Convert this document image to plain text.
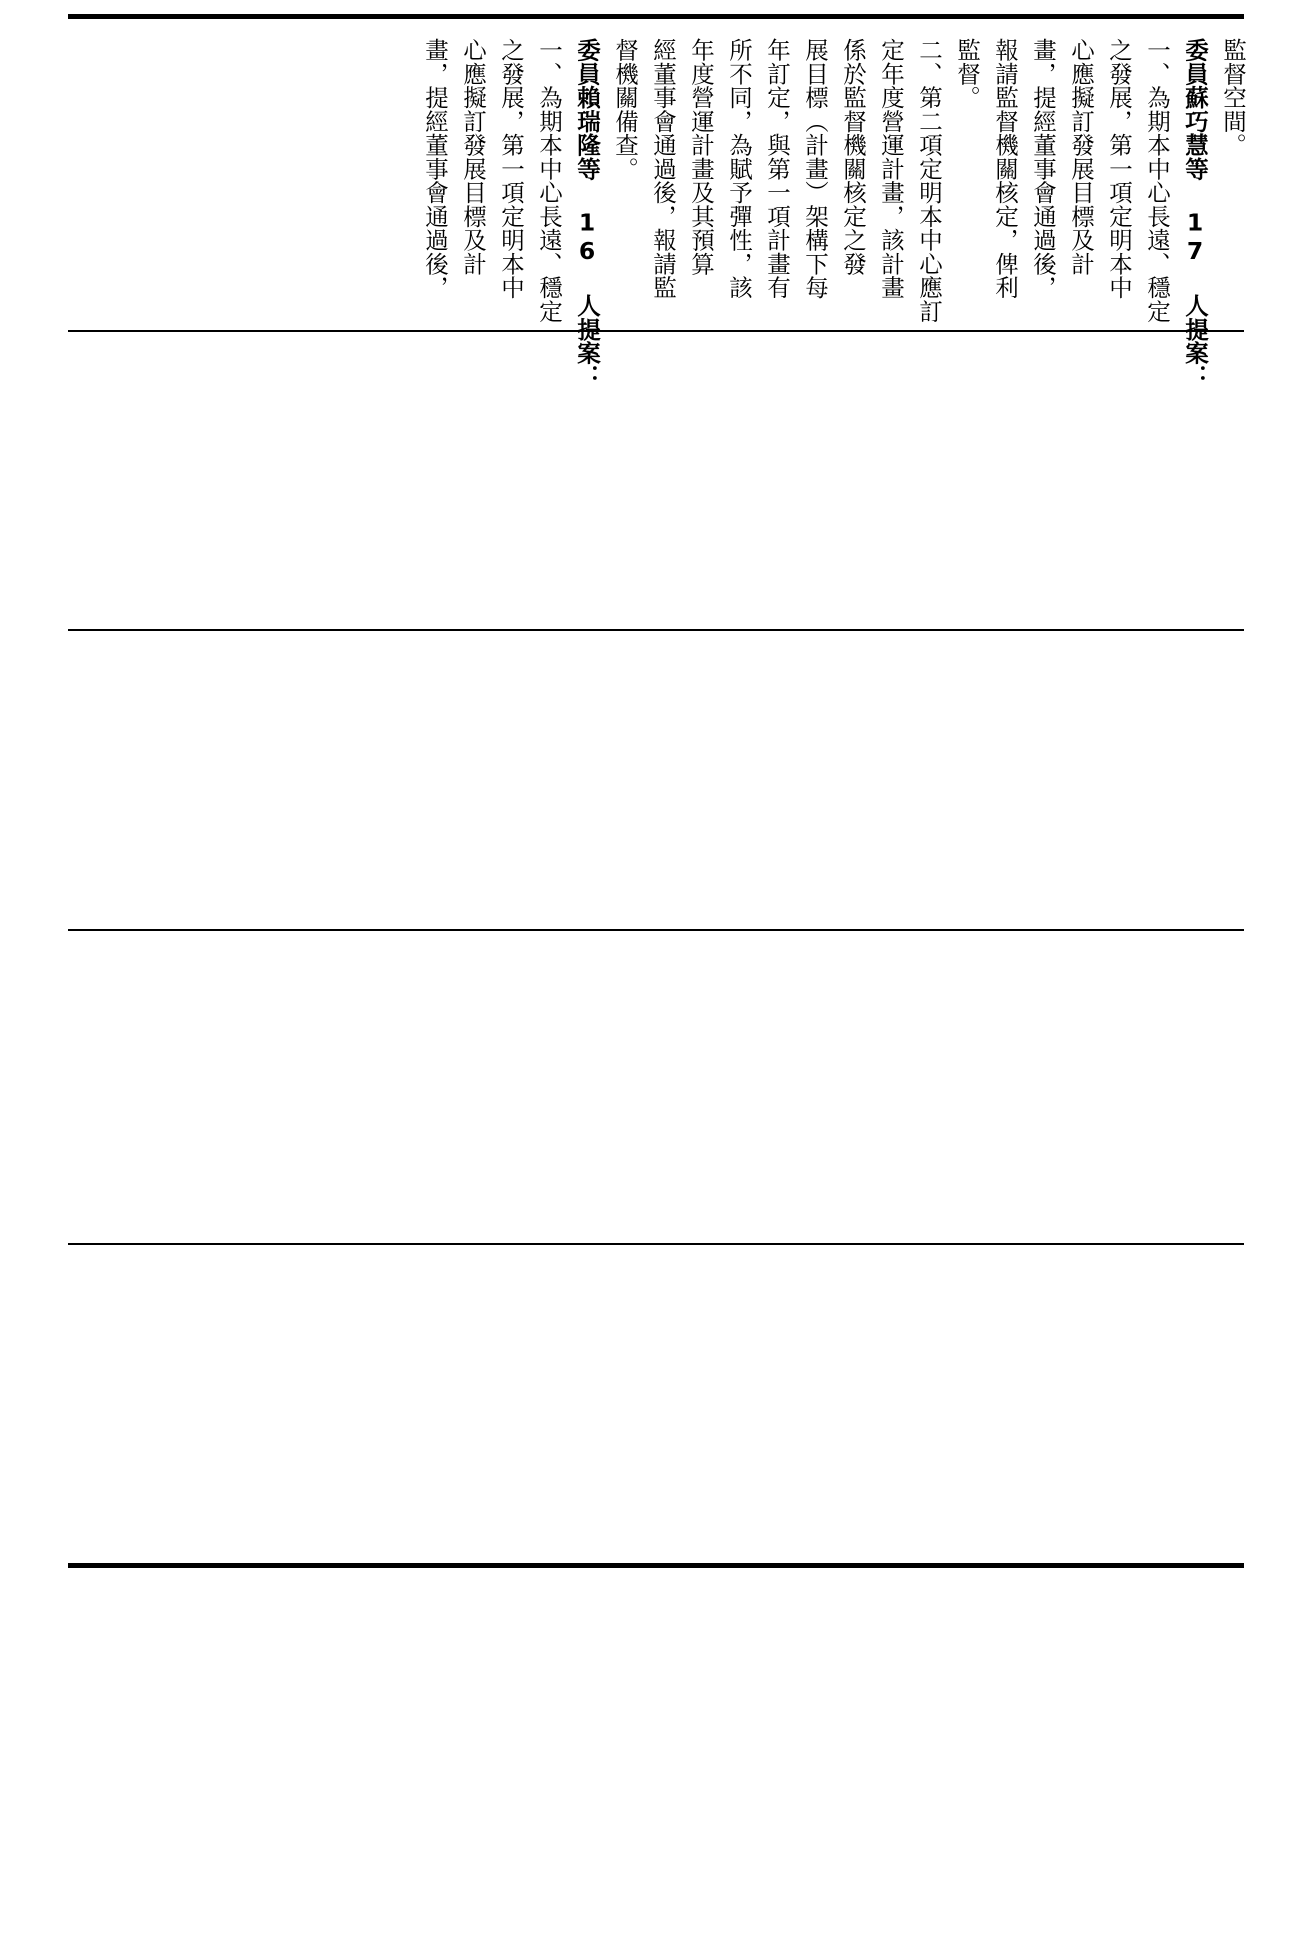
監督空間。
委員蘇巧慧等 17 人提案：
一、為期本中心長遠、穩定
之發展，第一項定明本中
心應擬訂發展目標及計
畫，提經董事會通過後，
報請監督機關核定，俾利
監督。
二、第二項定明本中心應訂
定年度營運計畫，該計畫
係於監督機關核定之發
展目標（計畫）架構下每
年訂定，與第一項計畫有
所不同，為賦予彈性，該
年度營運計畫及其預算
經董事會通過後，報請監
督機關備查。
委員賴瑞隆等 16 人提案：
一、為期本中心長遠、穩定
之發展，第一項定明本中
心應擬訂發展目標及計
畫，提經董事會通過後，
